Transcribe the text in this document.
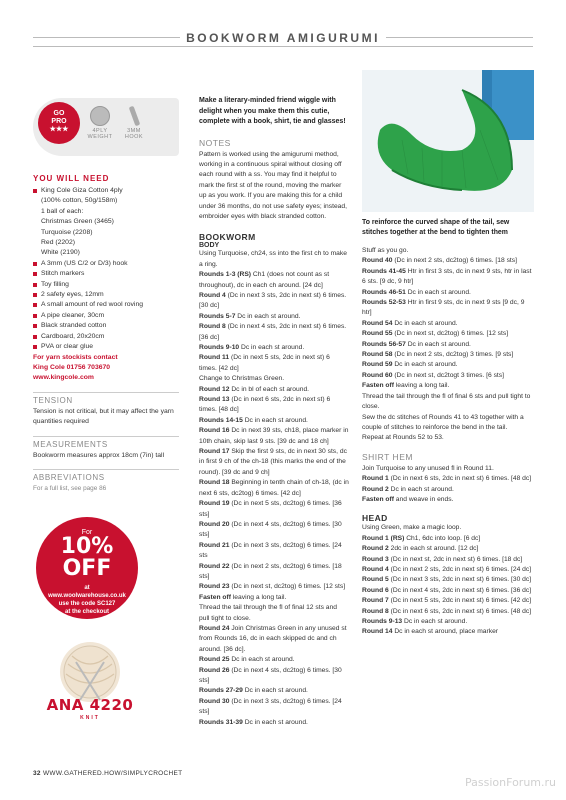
BOOKWORM AMIGURUMI
GO
PRO
★★★	4PLY
WEIGHT
3MM
HOOK
YOU WILL NEED
King Cole Giza Cotton 4ply
(100% cotton, 50g/158m)
1 ball of each:
Christmas Green (3465)
Turquoise (2208)
Red (2202)
White (2190)
A 3mm (US C/2 or D/3) hook
Stitch markers
Toy filling
2 safety eyes, 12mm
A small amount of red wool roving
A pipe cleaner, 30cm
Black stranded cotton
Cardboard, 20x20cm
PVA or clear glue
For yarn stockists contact
King Cole 01756 703670
www.kingcole.com
TENSION
Tension is not critical, but it may affect the yarn quantities required
MEASUREMENTS
Bookworm measures approx 18cm (7in) tall
ABBREVIATIONS
For a full list, see page 86
For
10% OFF
at
www.woolwarehouse.co.uk
use the code SC127
at the checkout
ANA 4220
KNIT
Make a literary-minded friend wiggle with delight when you make them this cutie, complete with a book, shirt, tie and glasses!
NOTES
Pattern is worked using the amigurumi method, working in a continuous spiral without closing off each round with a ss. You may find it helpful to mark the first st of the round, moving the marker up as you work. If you are making this for a child under 36 months, do not use safety eyes; instead, embroider eyes with black stranded cotton.
BOOKWORM
BODY
Using Turquoise, ch24, ss into the first ch to make a ring.
Rounds 1-3 (RS) Ch1 (does not count as st throughout), dc in each ch around. [24 dc]
Round 4 (Dc in next 3 sts, 2dc in next st) 6 times. [30 dc]
Rounds 5-7 Dc in each st around.
Round 8 (Dc in next 4 sts, 2dc in next st) 6 times. [36 dc]
Rounds 9-10 Dc in each st around.
Round 11 (Dc in next 5 sts, 2dc in next st) 6 times. [42 dc]
Change to Christmas Green.
Round 12 Dc in bl of each st around.
Round 13 (Dc in next 6 sts, 2dc in next st) 6 times. [48 dc]
Rounds 14-15 Dc in each st around.
Round 16 Dc in next 39 sts, ch18, place marker in 10th chain, skip last 9 sts. [39 dc and 18 ch]
Round 17 Skip the first 9 sts, dc in next 30 sts, dc in first 9 ch of the ch-18 (this marks the end of the round). [39 dc and 9 ch]
Round 18 Beginning in tenth chain of ch-18, (dc in next 6 sts, dc2tog) 6 times. [42 dc]
Round 19 (Dc in next 5 sts, dc2tog) 6 times. [36 sts]
Round 20 (Dc in next 4 sts, dc2tog) 6 times. [30 sts]
Round 21 (Dc in next 3 sts, dc2tog) 6 times. [24 sts
Round 22 (Dc in next 2 sts, dc2tog) 6 times. [18 sts]
Round 23 (Dc in next st, dc2tog) 6 times. [12 sts]
Fasten off leaving a long tail.
Thread the tail through the fl of final 12 sts and pull tight to close.
Round 24 Join Christmas Green in any unused st from Rounds 16, dc in each skipped dc and ch around. [36 dc].
Round 25 Dc in each st around.
Round 26 (Dc in next 4 sts, dc2tog) 6 times. [30 sts]
Rounds 27-29 Dc in each st around.
Round 30 (Dc in next 3 sts, dc2tog) 6 times. [24 sts]
Rounds 31-39 Dc in each st around.
To reinforce the curved shape of the tail, sew stitches together at the bend to tighten them
Stuff as you go.
Round 40 (Dc in next 2 sts, dc2tog) 6 times. [18 sts]
Rounds 41-45 Htr in first 3 sts, dc in next 9 sts, htr in last 6 sts. [9 dc, 9 htr]
Rounds 46-51 Dc in each st around.
Rounds 52-53 Htr in first 9 sts, dc in next 9 sts [9 dc, 9 htr]
Round 54 Dc in each st around.
Round 55 (Dc in next st, dc2tog) 6 times. [12 sts]
Rounds 56-57 Dc in each st around.
Round 58 (Dc in next 2 sts, dc2tog) 3 times. [9 sts]
Round 59 Dc in each st around.
Round 60 (Dc in next st, dc2togt 3 times. [6 sts]
Fasten off leaving a long tail.
Thread the tail through the fl of final 6 sts and pull tight to close.
Sew the dc stitches of Rounds 41 to 43 together with a couple of stitches to reinforce the bend in the tail.
Repeat at Rounds 52 to 53.
SHIRT HEM
Join Turquoise to any unused fl in Round 11.
Round 1 (Dc in next 6 sts, 2dc in next st) 6 times. [48 dc]
Round 2 Dc in each st around.
Fasten off and weave in ends.
HEAD
Using Green, make a magic loop.
Round 1 (RS) Ch1, 6dc into loop. [6 dc]
Round 2 2dc in each st around. [12 dc]
Round 3 (Dc in next st, 2dc in next st) 6 times. [18 dc]
Round 4 (Dc in next 2 sts, 2dc in next st) 6 times. [24 dc]
Round 5 (Dc in next 3 sts, 2dc in next st) 6 times. [30 dc]
Round 6 (Dc in next 4 sts, 2dc in next st) 6 times. [36 dc]
Round 7 (Dc in next 5 sts, 2dc in next st) 6 times. [42 dc]
Round 8 (Dc in next 6 sts, 2dc in next st) 6 times. [48 dc]
Rounds 9-13 Dc in each st around.
Round 14 Dc in each st around, place marker
32 WWW.GATHERED.HOW/SIMPLYCROCHET
PassionForum.ru
